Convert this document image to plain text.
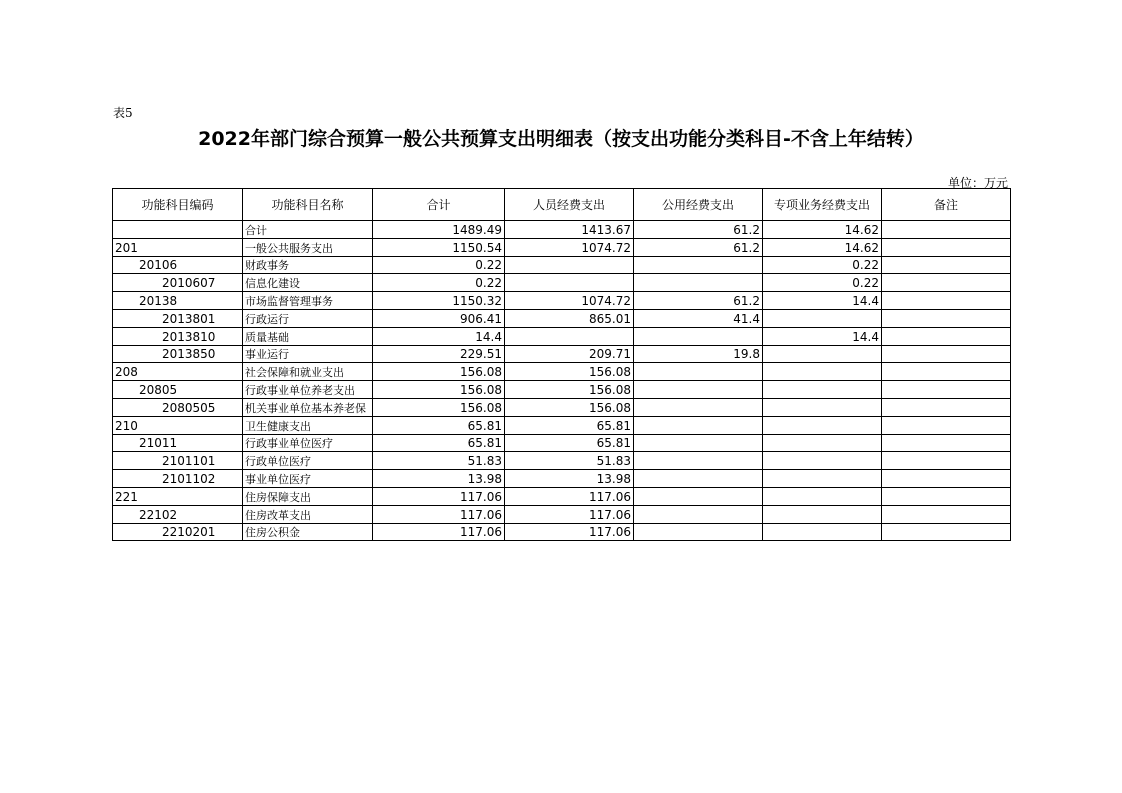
表5
2022年部门综合预算一般公共预算支出明细表（按支出功能分类科目-不含上年结转）
单位：万元
功能科目编码	功能科目名称	合计	人员经费支出	公用经费支出	专项业务经费支出	备注
	合计	1489.49	1413.67	61.2	14.62	
201	一般公共服务支出	1150.54	1074.72	61.2	14.62	
20106	财政事务	0.22			0.22	
2010607	信息化建设	0.22			0.22	
20138	市场监督管理事务	1150.32	1074.72	61.2	14.4	
2013801	行政运行	906.41	865.01	41.4		
2013810	质量基础	14.4			14.4	
2013850	事业运行	229.51	209.71	19.8		
208	社会保障和就业支出	156.08	156.08			
20805	行政事业单位养老支出	156.08	156.08			
2080505	机关事业单位基本养老保	156.08	156.08			
210	卫生健康支出	65.81	65.81			
21011	行政事业单位医疗	65.81	65.81			
2101101	行政单位医疗	51.83	51.83			
2101102	事业单位医疗	13.98	13.98			
221	住房保障支出	117.06	117.06			
22102	住房改革支出	117.06	117.06			
2210201	住房公积金	117.06	117.06			
